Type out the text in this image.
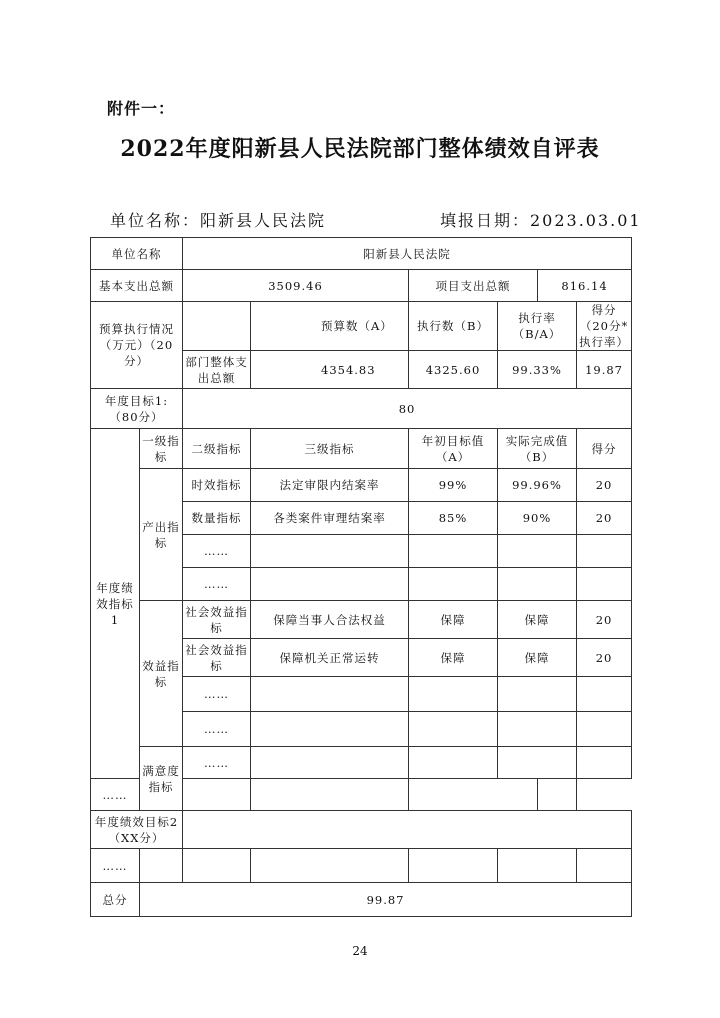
附件一：
2022年度阳新县人民法院部门整体绩效自评表
单位名称：阳新县人民法院	填报日期：2023.03.01
单位名称		阳新县人民法院					
基本支出总额		3509.46		项目支出总额		816.14	
预算执行情况（万元）（20分）			预算数（A）	执行数（B）	执行率（B/A）		得分（20分*执行率）
		部门整体支出总额	4354.83	4325.60	99.33%		19.87
年度目标1:（80分）		80					
年度绩效指标1	一级指标	二级指标	三级指标	年初目标值（A）	实际完成值（B）		得分
	产出指标	时效指标	法定审限内结案率	99%	99.96%		20
		数量指标	各类案件审理结案率	85%	90%		20
		……					
		……					
	效益指标	社会效益指标	保障当事人合法权益	保障	保障		20
		社会效益指标	保障机关正常运转	保障	保障		20
		……					
		……					
	满意度指标	……					
……							
年度绩效目标2（XX分）							
……							
总分	99.87						
24
